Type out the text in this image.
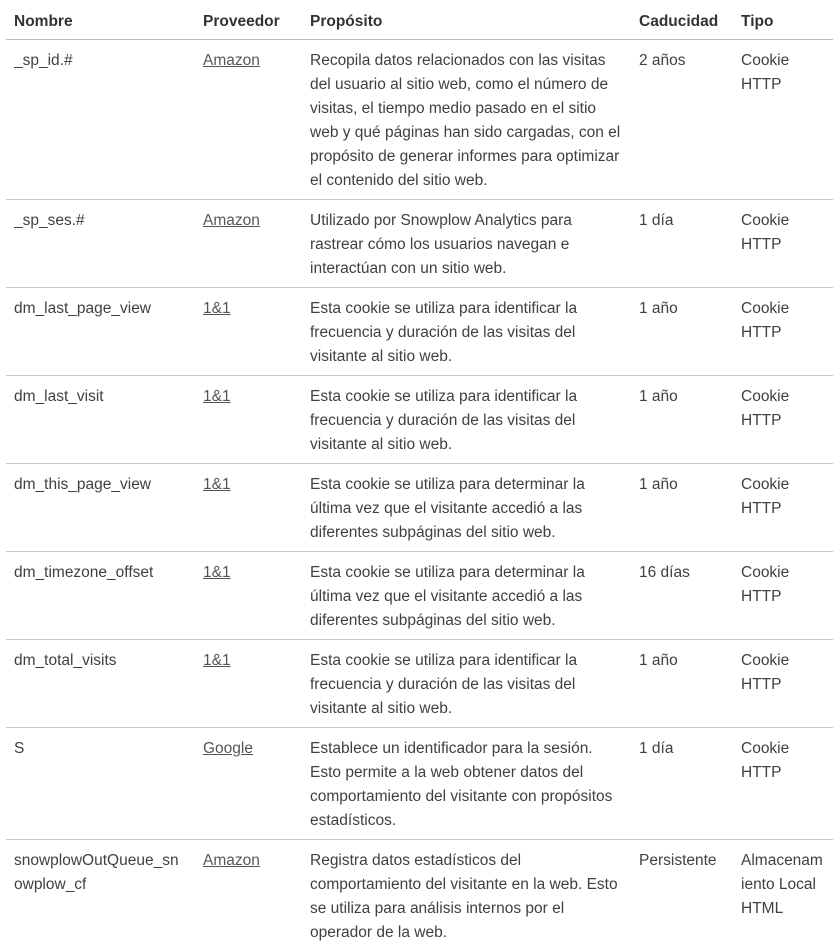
Nombre	Proveedor	Propósito	Caducidad	Tipo
_sp_id.#	Amazon	Recopila datos relacionados con las visitas del usuario al sitio web, como el número de visitas, el tiempo medio pasado en el sitio web y qué páginas han sido cargadas, con el propósito de generar informes para optimizar el contenido del sitio web.	2 años	Cookie HTTP
_sp_ses.#	Amazon	Utilizado por Snowplow Analytics para rastrear cómo los usuarios navegan e interactúan con un sitio web.	1 día	Cookie HTTP
dm_last_page_view	1&1	Esta cookie se utiliza para identificar la frecuencia y duración de las visitas del visitante al sitio web.	1 año	Cookie HTTP
dm_last_visit	1&1	Esta cookie se utiliza para identificar la frecuencia y duración de las visitas del visitante al sitio web.	1 año	Cookie HTTP
dm_this_page_view	1&1	Esta cookie se utiliza para determinar la última vez que el visitante accedió a las diferentes subpáginas del sitio web.	1 año	Cookie HTTP
dm_timezone_offset	1&1	Esta cookie se utiliza para determinar la última vez que el visitante accedió a las diferentes subpáginas del sitio web.	16 días	Cookie HTTP
dm_total_visits	1&1	Esta cookie se utiliza para identificar la frecuencia y duración de las visitas del visitante al sitio web.	1 año	Cookie HTTP
S	Google	Establece un identificador para la sesión. Esto permite a la web obtener datos del comportamiento del visitante con propósitos estadísticos.	1 día	Cookie HTTP
snowplowOutQueue_snowplow_cf	Amazon	Registra datos estadísticos del comportamiento del visitante en la web. Esto se utiliza para análisis internos por el operador de la web.	Persistente	Almacenamiento Local HTML
